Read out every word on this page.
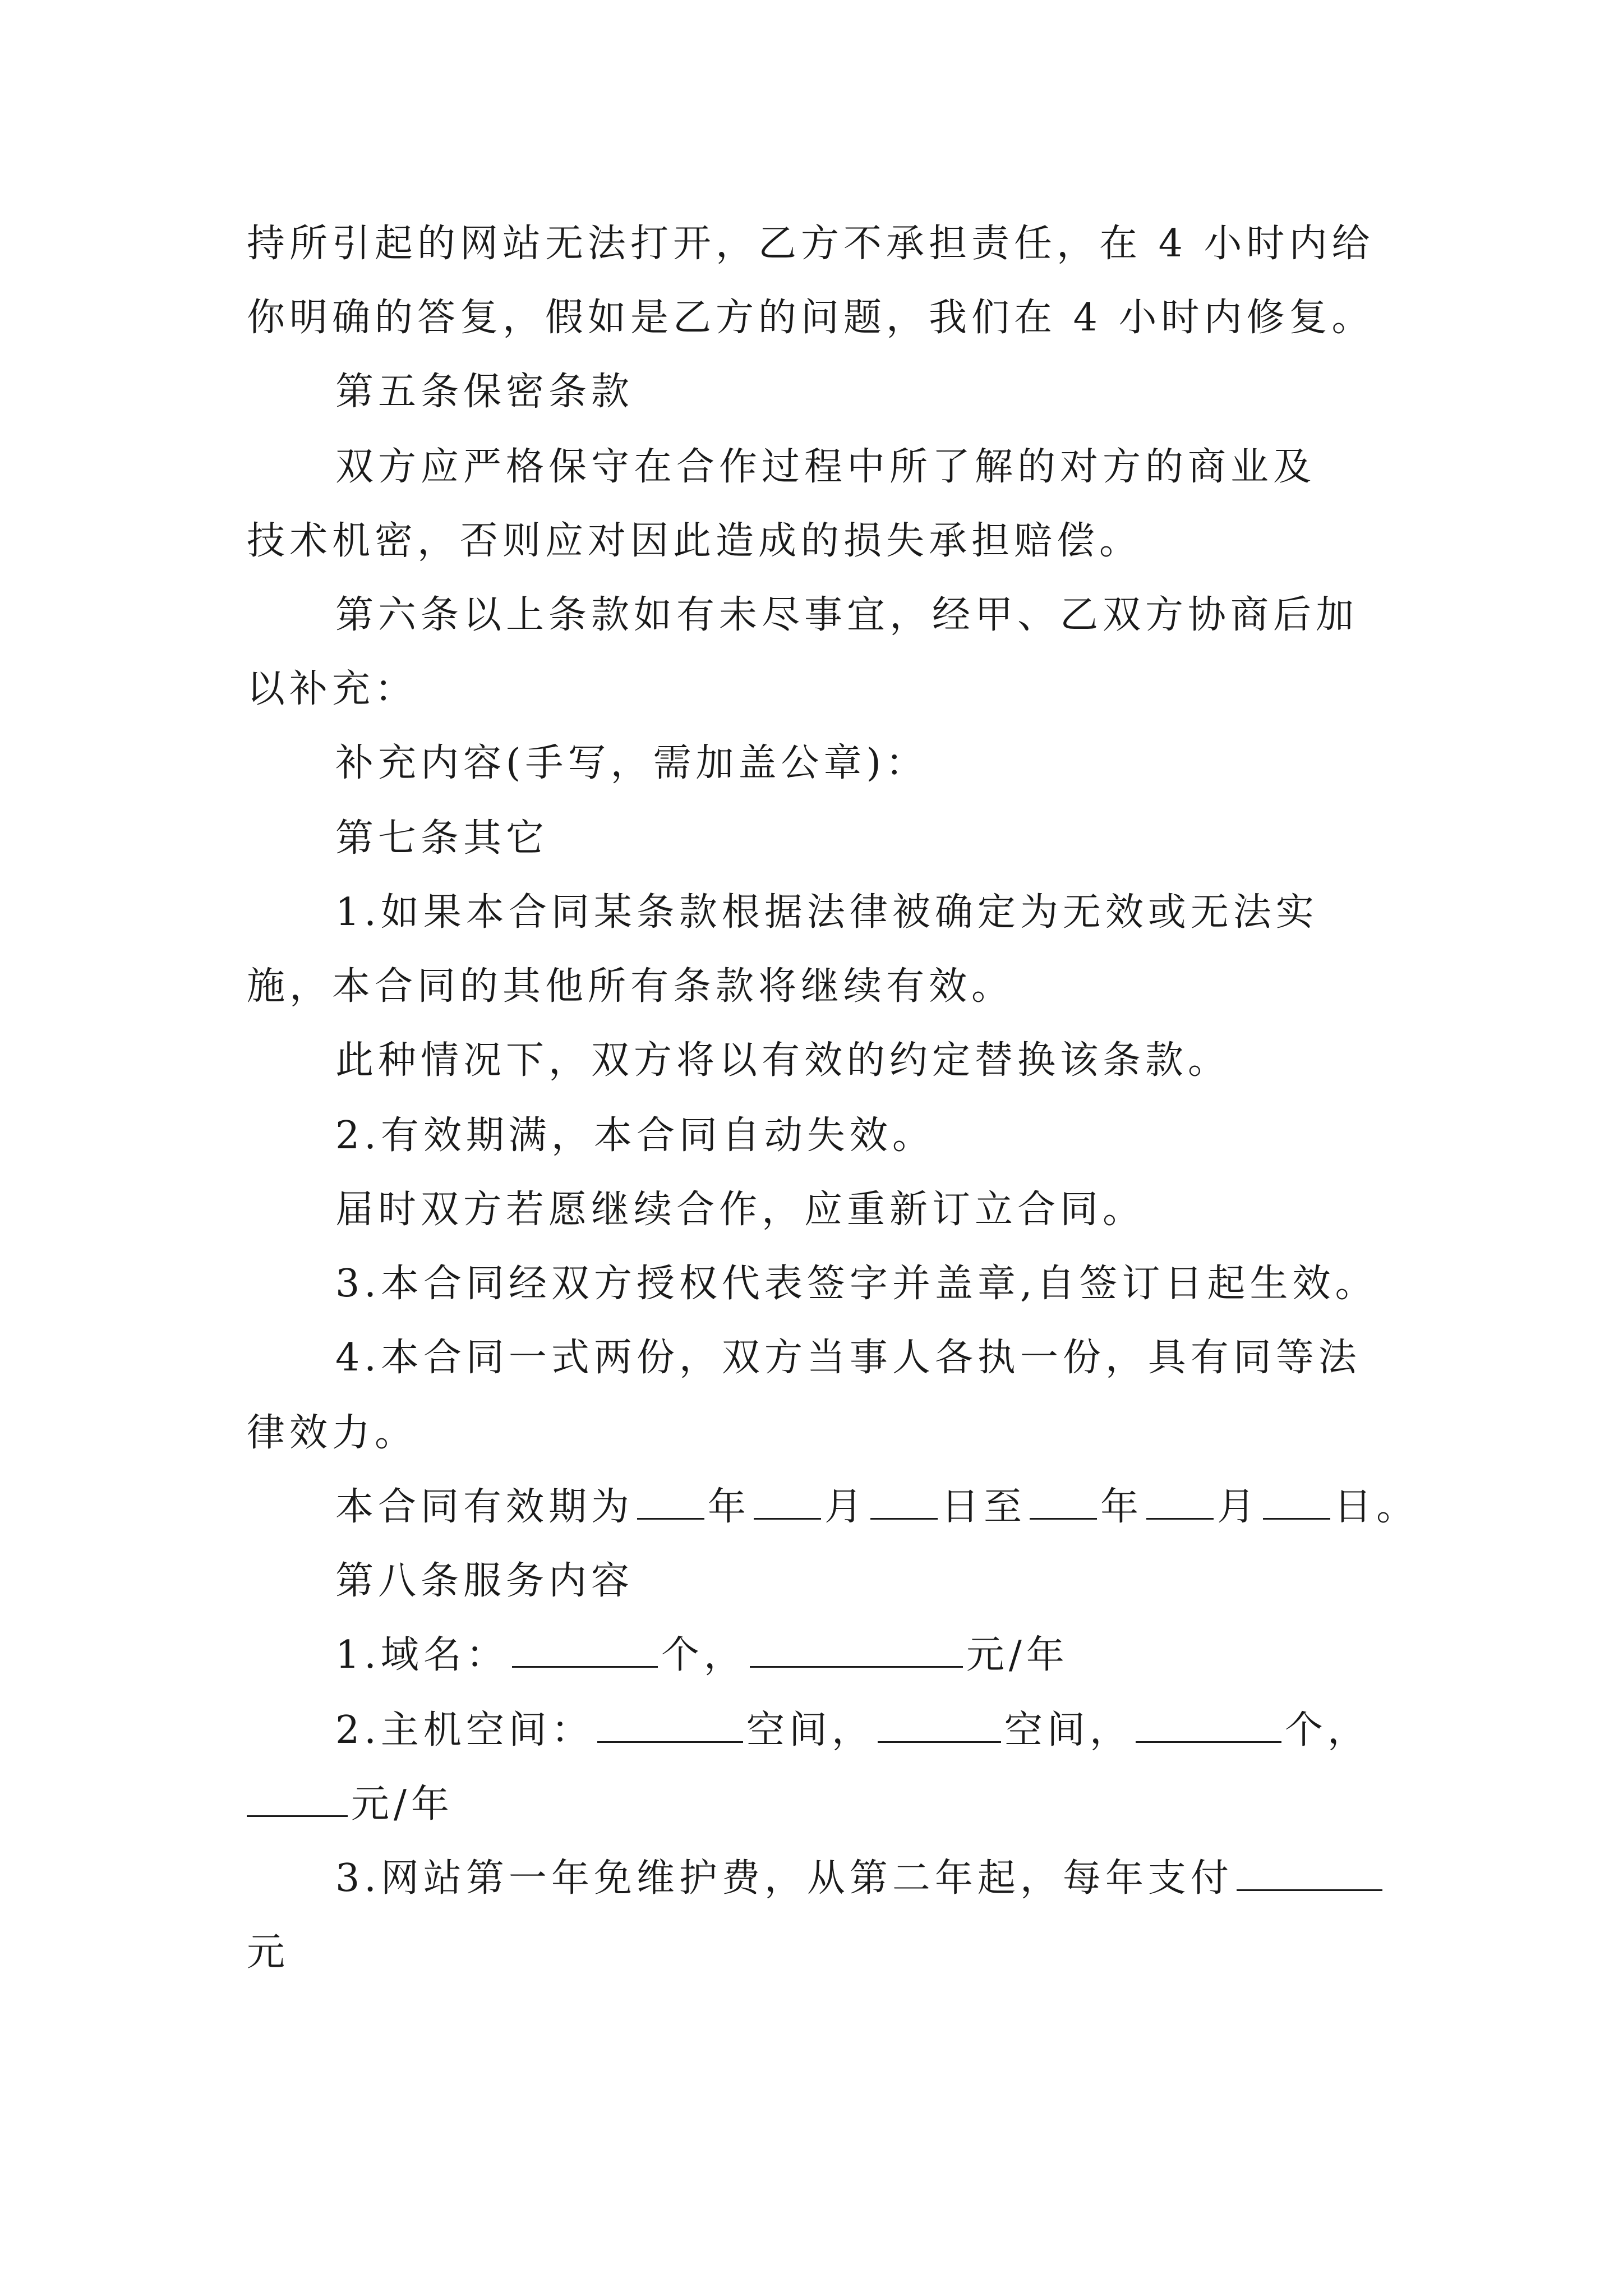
持所引起的网站无法打开，乙方不承担责任，在 4 小时内给
你明确的答复，假如是乙方的问题，我们在 4 小时内修复。
第五条保密条款
双方应严格保守在合作过程中所了解的对方的商业及
技术机密，否则应对因此造成的损失承担赔偿。
第六条以上条款如有未尽事宜，经甲、乙双方协商后加
以补充：
补充内容(手写，需加盖公章)：
第七条其它
1.如果本合同某条款根据法律被确定为无效或无法实
施，本合同的其他所有条款将继续有效。
此种情况下，双方将以有效的约定替换该条款。
2.有效期满，本合同自动失效。
届时双方若愿继续合作，应重新订立合同。
3.本合同经双方授权代表签字并盖章,自签订日起生效。
4.本合同一式两份，双方当事人各执一份，具有同等法
律效力。
本合同有效期为 年 月 日至 年 月 日。
第八条服务内容
1.域名：	个，	元/年
2.主机空间：	空间，	空间，	个，
元/年
3.网站第一年免维护费，从第二年起，每年支付
元
